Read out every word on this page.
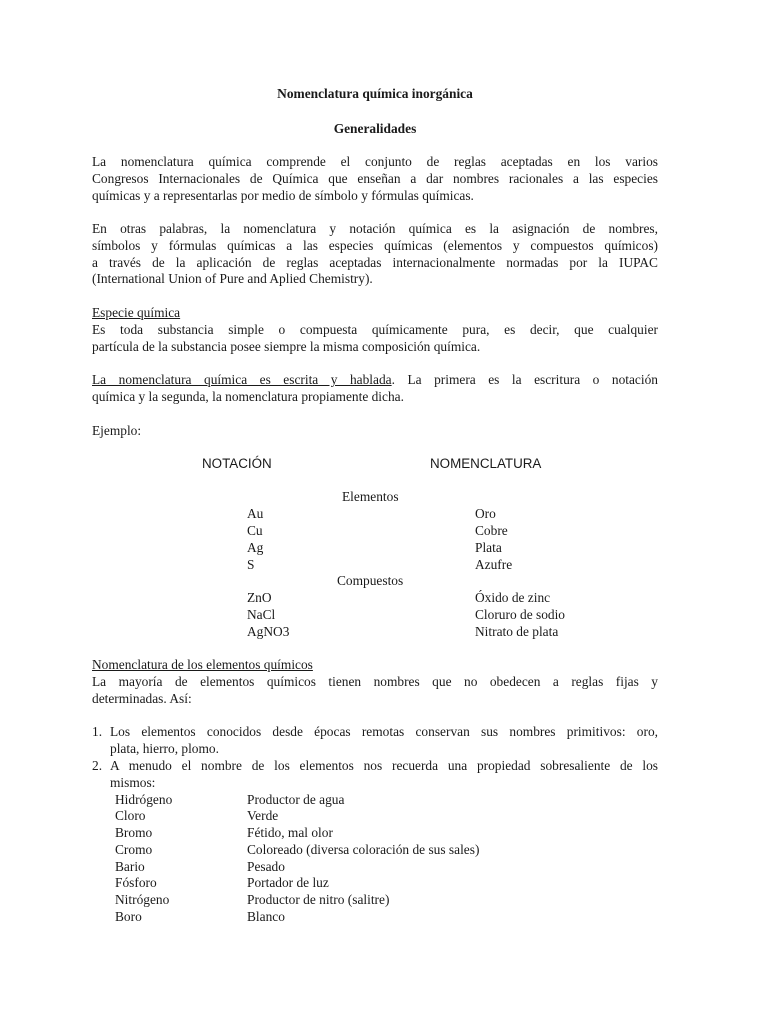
Nomenclatura química inorgánica
Generalidades
La nomenclatura química comprende el conjunto de reglas aceptadas en los varios
Congresos Internacionales de Química que enseñan a dar nombres racionales a las especies
químicas y a representarlas por medio de símbolo y fórmulas químicas.
En otras palabras, la nomenclatura y notación química es la asignación de nombres,
símbolos y fórmulas químicas a las especies químicas (elementos y compuestos químicos)
a través de la aplicación de reglas aceptadas internacionalmente normadas por la IUPAC
(International Union of Pure and Aplied Chemistry).
Especie química
Es toda substancia simple o compuesta químicamente pura, es decir, que cualquier
partícula de la substancia posee siempre la misma composición química.
La nomenclatura química es escrita y hablada. La primera es la escritura o notación
química y la segunda, la nomenclatura propiamente dicha.
Ejemplo:
NOTACIÓN	NOMENCLATURA
Elementos
Au	Oro
Cu	Cobre
Ag	Plata
S	Azufre
Compuestos
ZnO	Óxido de zinc
NaCl	Cloruro de sodio
AgNO3	Nitrato de plata
Nomenclatura de los elementos químicos
La mayoría de elementos químicos tienen nombres que no obedecen a reglas fijas y
determinadas. Así:
1. Los elementos conocidos desde épocas remotas conservan sus nombres primitivos: oro,
plata, hierro, plomo.
2. A menudo el nombre de los elementos nos recuerda una propiedad sobresaliente de los
mismos:
Hidrógeno	Productor de agua
Cloro	Verde
Bromo	Fétido, mal olor
Cromo	Coloreado (diversa coloración de sus sales)
Bario	Pesado
Fósforo	Portador de luz
Nitrógeno	Productor de nitro (salitre)
Boro	Blanco
